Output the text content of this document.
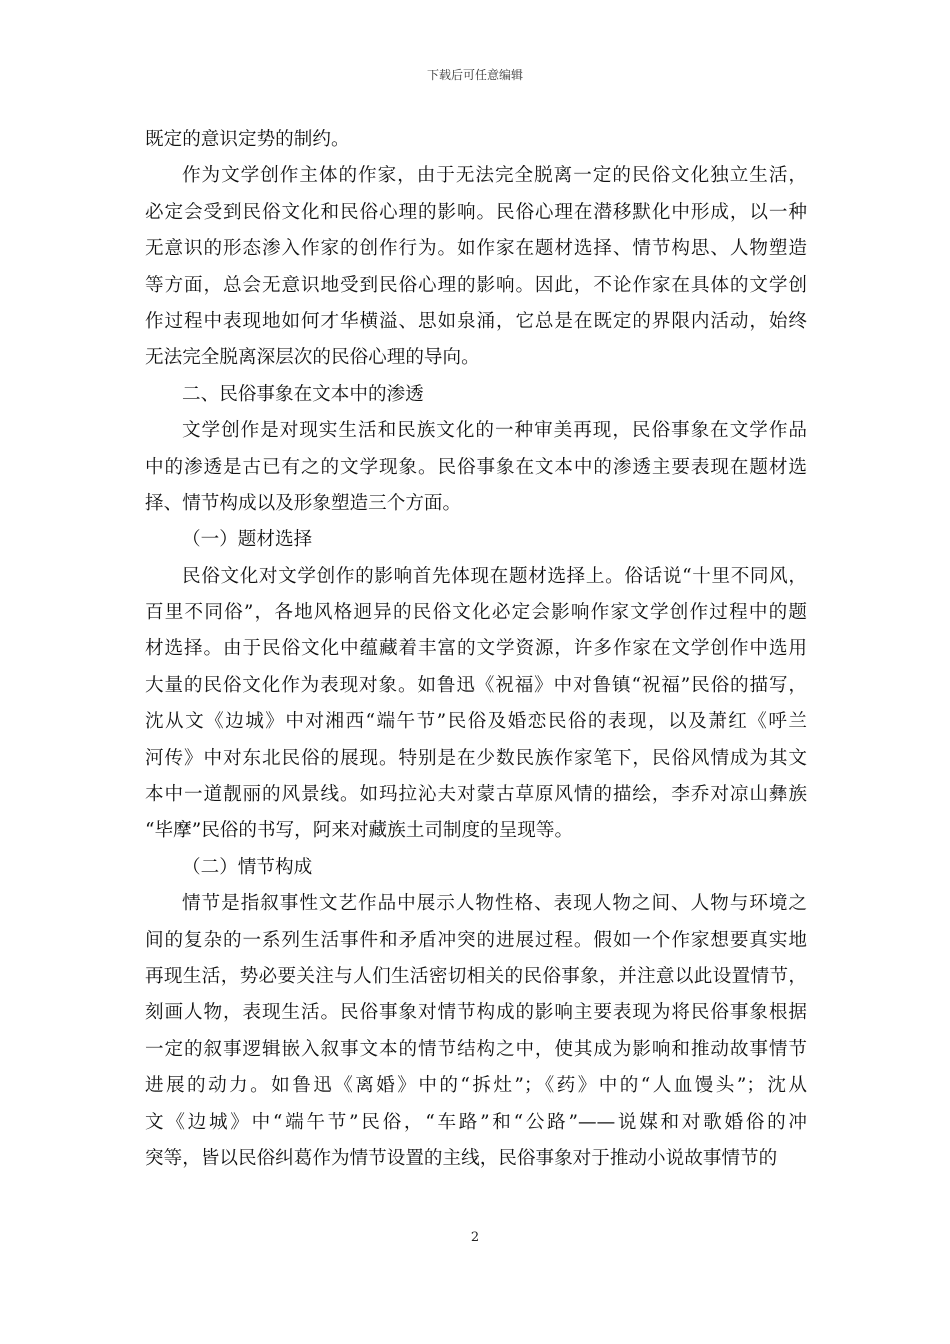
下载后可任意编辑
既定的意识定势的制约。
作为文学创作主体的作家，由于无法完全脱离一定的民俗文化独立生活，
必定会受到民俗文化和民俗心理的影响。民俗心理在潜移默化中形成，以一种
无意识的形态渗入作家的创作行为。如作家在题材选择、情节构思、人物塑造
等方面，总会无意识地受到民俗心理的影响。因此，不论作家在具体的文学创
作过程中表现地如何才华横溢、思如泉涌，它总是在既定的界限内活动，始终
无法完全脱离深层次的民俗心理的导向。
二、民俗事象在文本中的渗透
文学创作是对现实生活和民族文化的一种审美再现，民俗事象在文学作品
中的渗透是古已有之的文学现象。民俗事象在文本中的渗透主要表现在题材选
择、情节构成以及形象塑造三个方面。
（一）题材选择
民俗文化对文学创作的影响首先体现在题材选择上。俗话说“十里不同风，
百里不同俗”，各地风格迥异的民俗文化必定会影响作家文学创作过程中的题
材选择。由于民俗文化中蕴藏着丰富的文学资源，许多作家在文学创作中选用
大量的民俗文化作为表现对象。如鲁迅《祝福》中对鲁镇“祝福”民俗的描写，
沈从文《边城》中对湘西“端午节”民俗及婚恋民俗的表现，以及萧红《呼兰
河传》中对东北民俗的展现。特别是在少数民族作家笔下，民俗风情成为其文
本中一道靓丽的风景线。如玛拉沁夫对蒙古草原风情的描绘，李乔对凉山彝族
“毕摩”民俗的书写，阿来对藏族土司制度的呈现等。
（二）情节构成
情节是指叙事性文艺作品中展示人物性格、表现人物之间、人物与环境之
间的复杂的一系列生活事件和矛盾冲突的进展过程。假如一个作家想要真实地
再现生活，势必要关注与人们生活密切相关的民俗事象，并注意以此设置情节，
刻画人物，表现生活。民俗事象对情节构成的影响主要表现为将民俗事象根据
一定的叙事逻辑嵌入叙事文本的情节结构之中，使其成为影响和推动故事情节
进展的动力。如鲁迅《离婚》中的“拆灶”；《药》中的“人血馒头”；沈从
文《边城》中“端午节”民俗，“车路”和“公路”——说媒和对歌婚俗的冲
突等，皆以民俗纠葛作为情节设置的主线，民俗事象对于推动小说故事情节的
2
